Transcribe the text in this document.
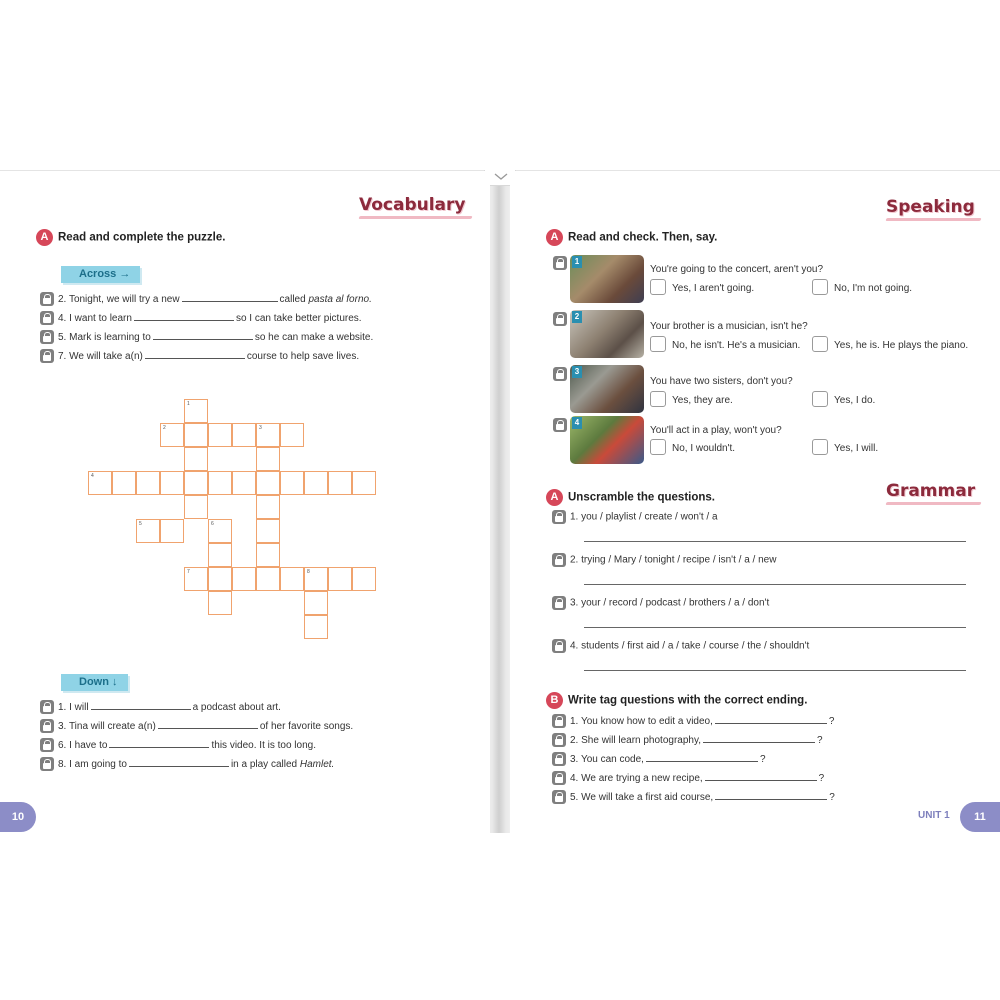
Vocabulary
A Read and complete the puzzle.
Across →
2. Tonight, we will try a new	called pasta al forno.
4. I want to learn	so I can take better pictures.
5. Mark is learning to	so he can make a website.
7. We will take a(n)	course to help save lives.
1
2	3
4
5	6
7	8
Down ↓
1. I will	a podcast about art.
3. Tina will create a(n)	of her favorite songs.
6. I have to	this video. It is too long.
8. I am going to	in a play called Hamlet.
10
Speaking
A Read and check. Then, say.
1
You're going to the concert, aren't you?
Yes, I aren't going.	No, I'm not going.
2
Your brother is a musician, isn't he?
No, he isn't. He's a musician.	Yes, he is. He plays the piano.
3
You have two sisters, don't you?
Yes, they are.	Yes, I do.
4
You'll act in a play, won't you?
No, I wouldn't.	Yes, I will.
Grammar
A Unscramble the questions.
1. you / playlist / create / won't / a
2. trying / Mary / tonight / recipe / isn't / a / new
3. your / record / podcast / brothers / a / don't
4. students / first aid / a / take / course / the / shouldn't
B Write tag questions with the correct ending.
1. You know how to edit a video,	?
2. She will learn photography,	?
3. You can code,	?
4. We are trying a new recipe,	?
5. We will take a first aid course,	?
11
UNIT 1
